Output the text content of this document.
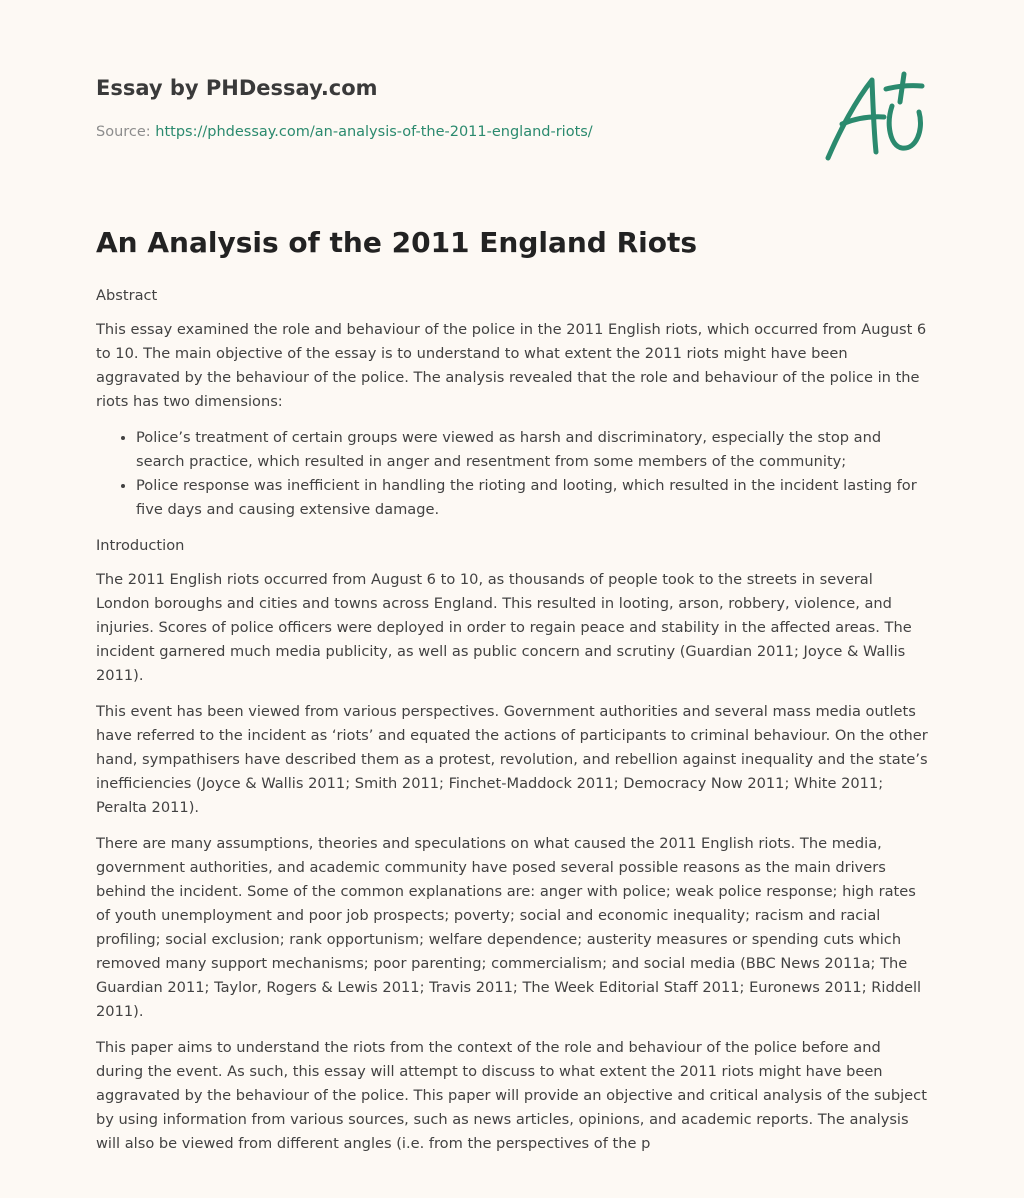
Essay by PHDessay.com
Source: https://phdessay.com/an-analysis-of-the-2011-england-riots/
An Analysis of the 2011 England Riots

Abstract

This essay examined the role and behaviour of the police in the 2011 English riots, which occurred from August 6 to 10. The main objective of the essay is to understand to what extent the 2011 riots might have been aggravated by the behaviour of the police. The analysis revealed that the role and behaviour of the police in the riots has two dimensions:

• Police’s treatment of certain groups were viewed as harsh and discriminatory, especially the stop and search practice, which resulted in anger and resentment from some members of the community;
• Police response was inefficient in handling the rioting and looting, which resulted in the incident lasting for five days and causing extensive damage.

Introduction

The 2011 English riots occurred from August 6 to 10, as thousands of people took to the streets in several London boroughs and cities and towns across England. This resulted in looting, arson, robbery, violence, and injuries. Scores of police officers were deployed in order to regain peace and stability in the affected areas. The incident garnered much media publicity, as well as public concern and scrutiny (Guardian 2011; Joyce & Wallis 2011).

This event has been viewed from various perspectives. Government authorities and several mass media outlets have referred to the incident as ‘riots’ and equated the actions of participants to criminal behaviour. On the other hand, sympathisers have described them as a protest, revolution, and rebellion against inequality and the state’s inefficiencies (Joyce & Wallis 2011; Smith 2011; Finchet-Maddock 2011; Democracy Now 2011; White 2011; Peralta 2011).

There are many assumptions, theories and speculations on what caused the 2011 English riots. The media, government authorities, and academic community have posed several possible reasons as the main drivers behind the incident. Some of the common explanations are: anger with police; weak police response; high rates of youth unemployment and poor job prospects; poverty; social and economic inequality; racism and racial profiling; social exclusion; rank opportunism; welfare dependence; austerity measures or spending cuts which removed many support mechanisms; poor parenting; commercialism; and social media (BBC News 2011a; The Guardian 2011; Taylor, Rogers & Lewis 2011; Travis 2011; The Week Editorial Staff 2011; Euronews 2011; Riddell 2011).

This paper aims to understand the riots from the context of the role and behaviour of the police before and during the event. As such, this essay will attempt to discuss to what extent the 2011 riots might have been aggravated by the behaviour of the police. This paper will provide an objective and critical analysis of the subject by using information from various sources, such as news articles, opinions, and academic reports. The analysis will also be viewed from different angles (i.e. from the perspectives of the p
